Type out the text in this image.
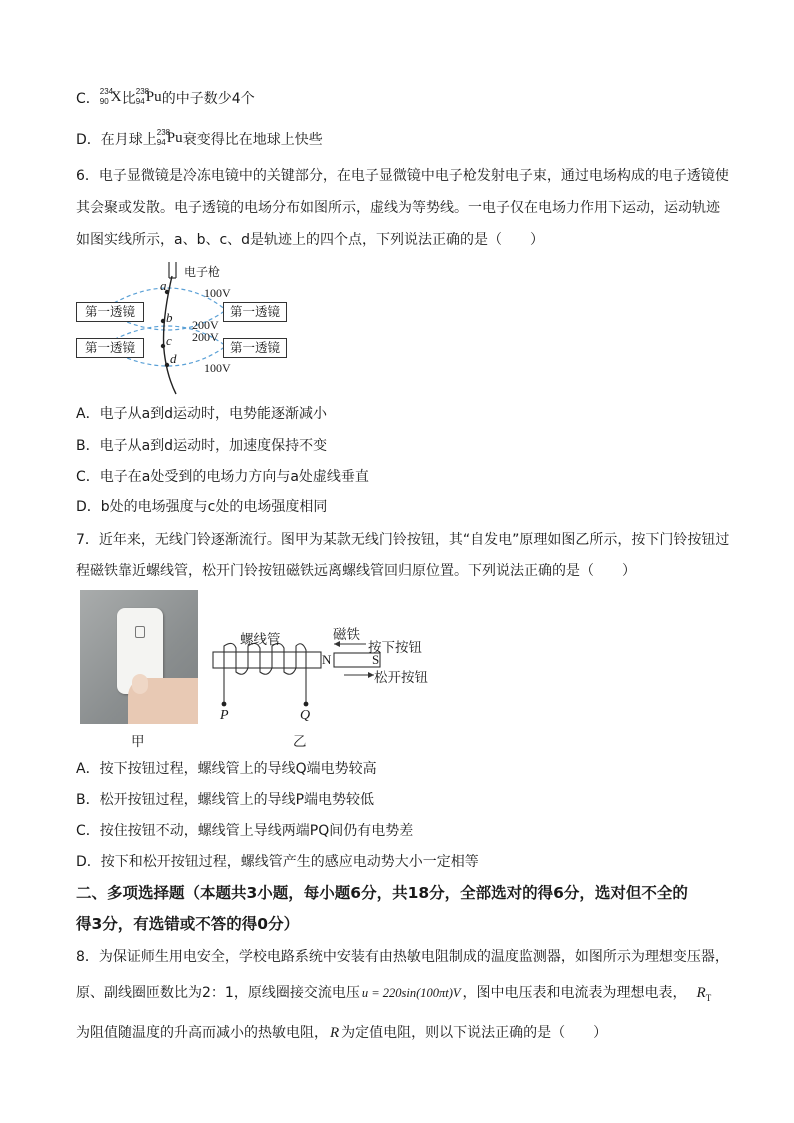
C． 234
90 X 比 238
94 Pu 的中子数少4个
D．在月球上 238
94 Pu 衰变得比在地球上快些
6．电子显微镜是冷冻电镜中的关键部分，在电子显微镜中电子枪发射电子束，通过电场构成的电子透镜使
其会聚或发散。电子透镜的电场分布如图所示，虚线为等势线。一电子仅在电场力作用下运动，运动轨迹
如图实线所示，a、b、c、d是轨迹上的四个点，下列说法正确的是（　　）
电子枪
a
b
c
d
100V
200V
200V
100V
第一透镜	第一透镜
第一透镜	第一透镜
A．电子从a到d运动时，电势能逐渐减小
B．电子从a到d运动时，加速度保持不变
C．电子在a处受到的电场力方向与a处虚线垂直
D．b处的电场强度与c处的电场强度相同
7．近年来，无线门铃逐渐流行。图甲为某款无线门铃按钮，其“自发电”原理如图乙所示，按下门铃按钮过
程磁铁靠近螺线管，松开门铃按钮磁铁远离螺线管回归原位置。下列说法正确的是（　　）
甲
螺线管	磁铁
按下按钮
松开按钮
N	S
P	Q
乙
A．按下按钮过程，螺线管上的导线Q端电势较高
B．松开按钮过程，螺线管上的导线P端电势较低
C．按住按钮不动，螺线管上导线两端PQ间仍有电势差
D．按下和松开按钮过程，螺线管产生的感应电动势大小一定相等
二、多项选择题（本题共3小题，每小题6分，共18分，全部选对的得6分，选对但不全的
得3分，有选错或不答的得0分）
8．为保证师生用电安全，学校电路系统中安装有由热敏电阻制成的温度监测器，如图所示为理想变压器，
原、副线圈匝数比为2：1，原线圈接交流电压 u = 220sin(100πt)V ，图中电压表和电流表为理想电表， $R_T$
为阻值随温度的升高而减小的热敏电阻， R 为定值电阻，则以下说法正确的是（　　）
